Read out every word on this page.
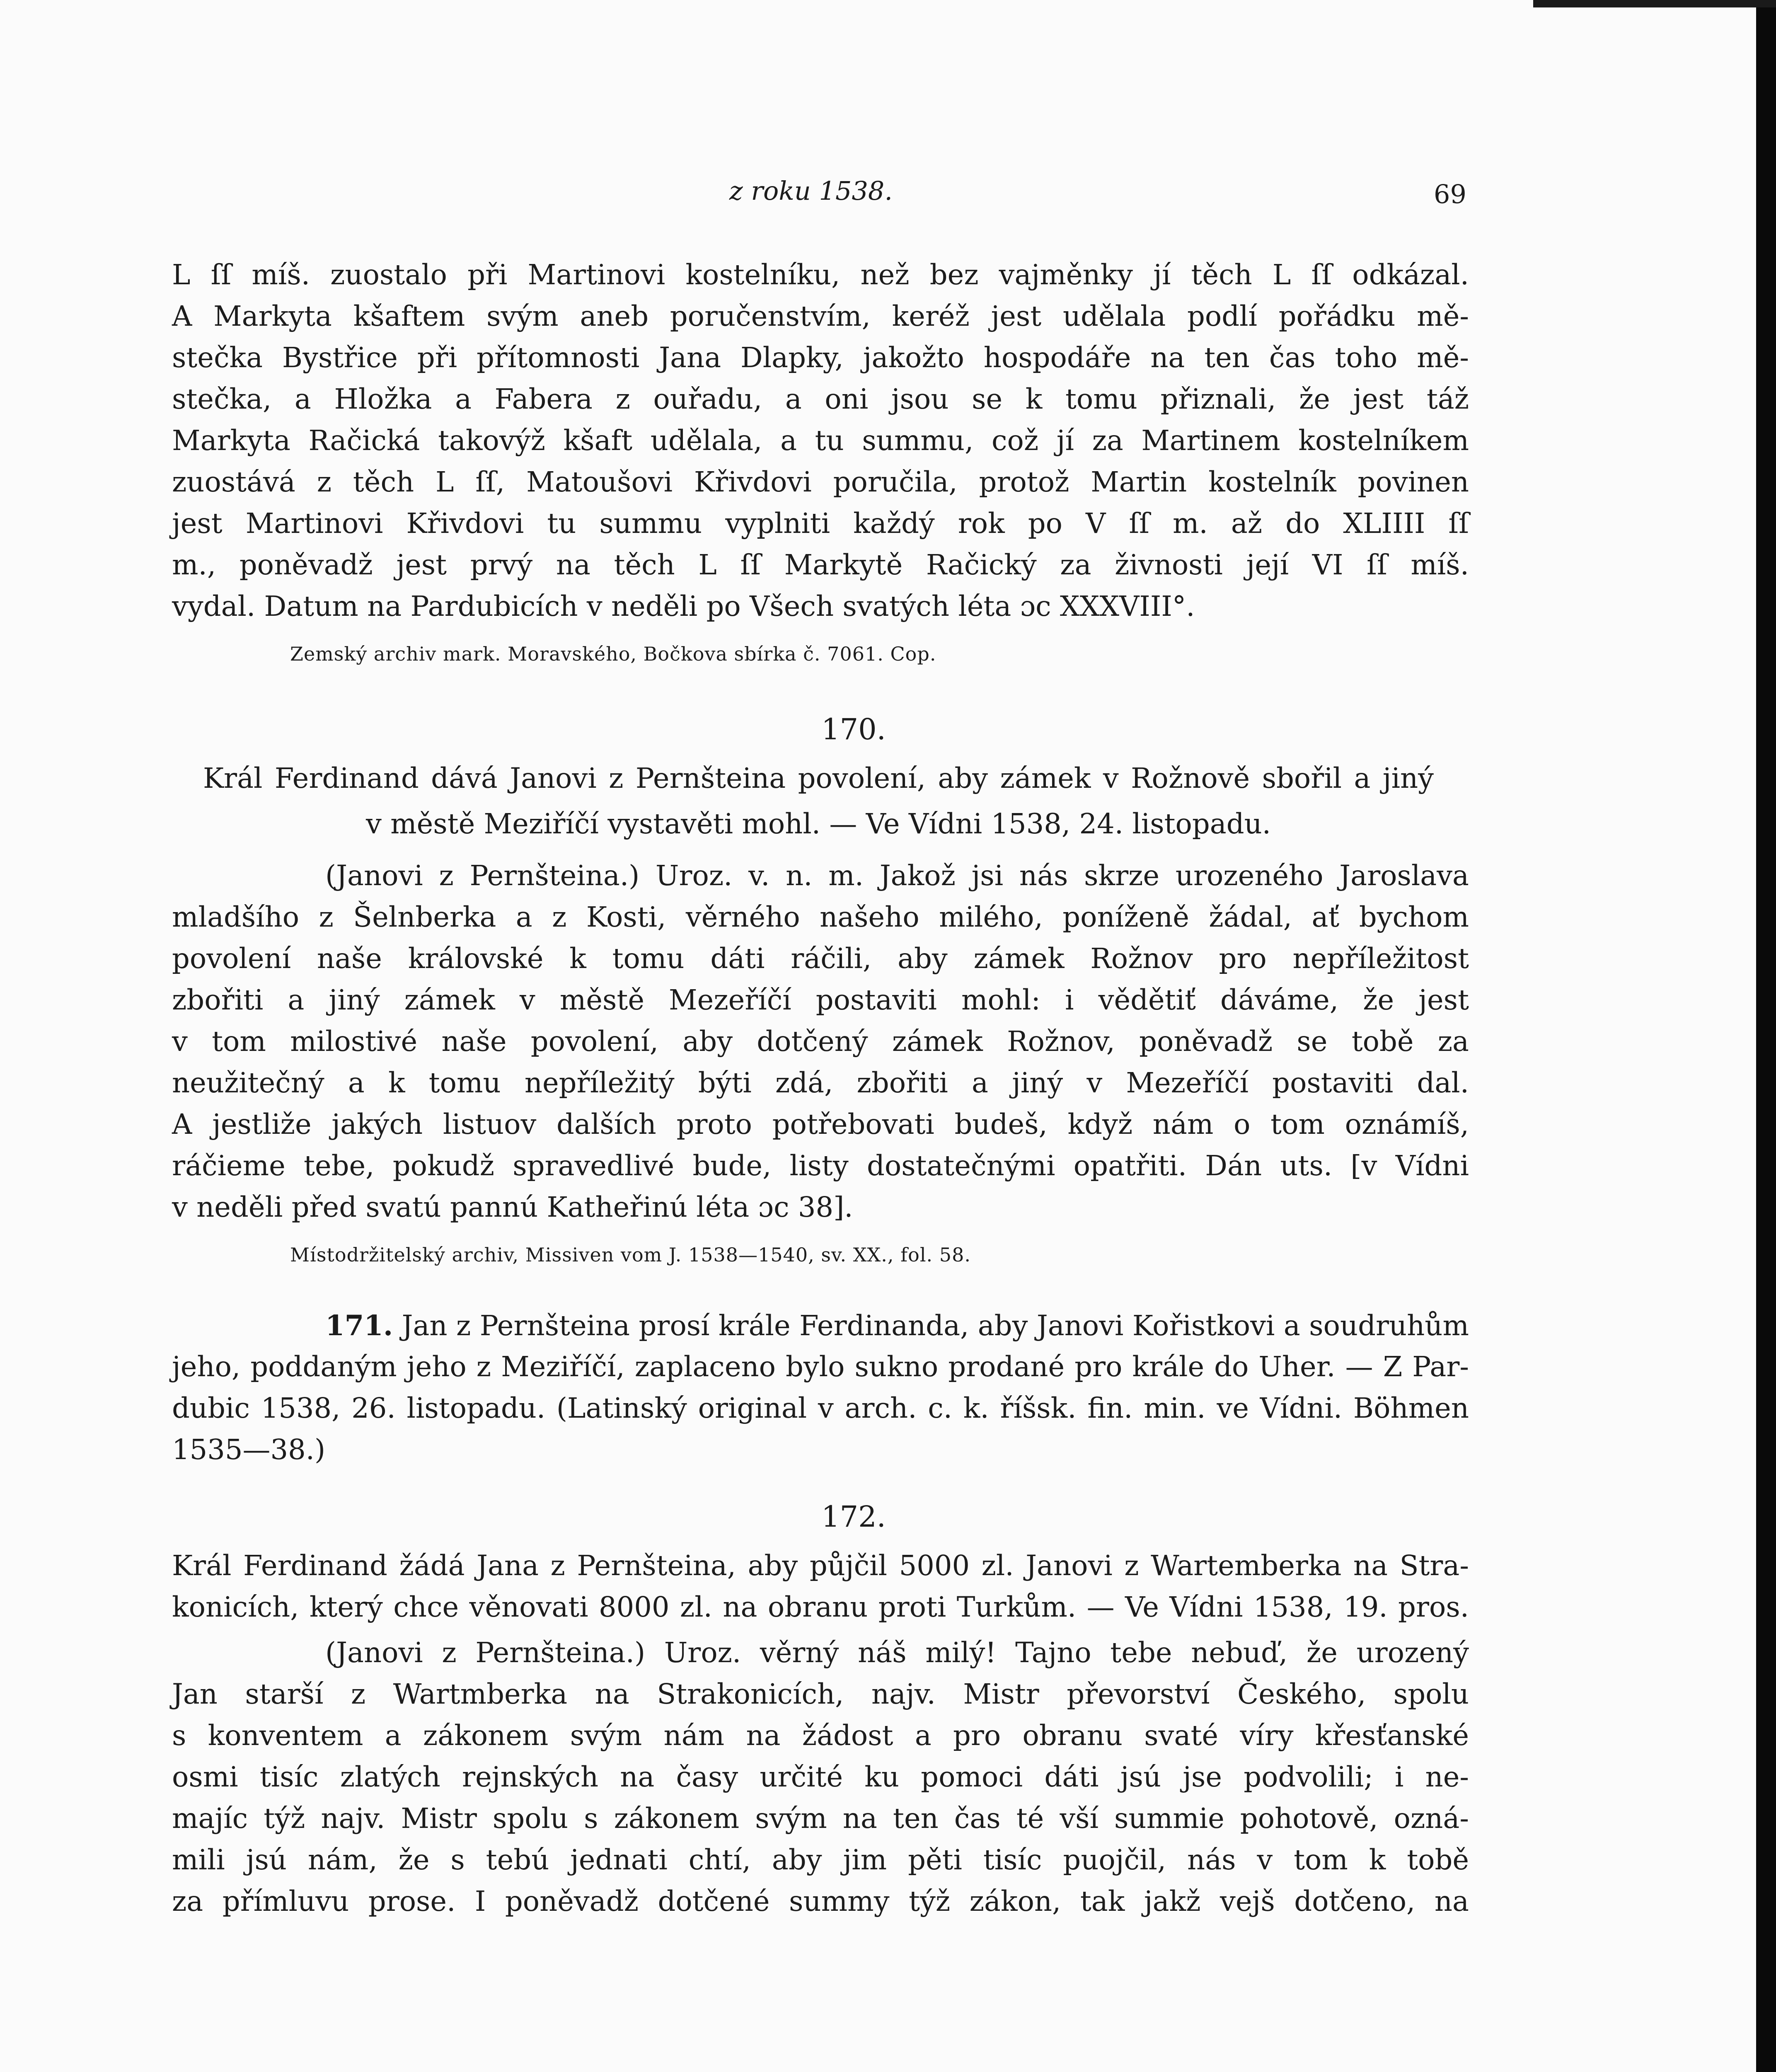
z roku 1538.	69
L ſſ míš. zuostalo při Martinovi kostelníku, než bez vajměnky jí těch L ſſ odkázal.
A Markyta kšaftem svým aneb poručenstvím, keréž jest udělala podlí pořádku mě-
stečka Bystřice při přítomnosti Jana Dlapky, jakožto hospodáře na ten čas toho mě-
stečka, a Hložka a Fabera z ouřadu, a oni jsou se k tomu přiznali, že jest táž
Markyta Račická takovýž kšaft udělala, a tu summu, což jí za Martinem kostelníkem
zuostává z těch L ſſ, Matoušovi Křivdovi poručila, protož Martin kostelník povinen
jest Martinovi Křivdovi tu summu vyplniti každý rok po V ſſ m. až do XLIIII ſſ
m., poněvadž jest prvý na těch L ſſ Markytě Račický za živnosti její VI ſſ míš.
vydal. Datum na Pardubicích v neděli po Všech svatých léta ɔc XXXVIII°.
Zemský archiv mark. Moravského, Bočkova sbírka č. 7061. Cop.
170.
Král Ferdinand dává Janovi z Pernšteina povolení, aby zámek v Rožnově sbořil a jiný
v městě Meziříčí vystavěti mohl. — Ve Vídni 1538, 24. listopadu.
(Janovi z Pernšteina.) Uroz. v. n. m. Jakož jsi nás skrze urozeného Jaroslava
mladšího z Šelnberka a z Kosti, věrného našeho milého, poníženě žádal, ať bychom
povolení naše královské k tomu dáti ráčili, aby zámek Rožnov pro nepříležitost
zbořiti a jiný zámek v městě Mezeříčí postaviti mohl: i vědětiť dáváme, že jest
v tom milostivé naše povolení, aby dotčený zámek Rožnov, poněvadž se tobě za
neužitečný a k tomu nepříležitý býti zdá, zbořiti a jiný v Mezeříčí postaviti dal.
A jestliže jakých listuov dalších proto potřebovati budeš, když nám o tom oznámíš,
ráčieme tebe, pokudž spravedlivé bude, listy dostatečnými opatřiti. Dán uts. [v Vídni
v neděli před svatú pannú Katheřinú léta ɔc 38].
Místodržitelský archiv, Missiven vom J. 1538—1540, sv. XX., fol. 58.
171. Jan z Pernšteina prosí krále Ferdinanda, aby Janovi Kořistkovi a soudruhům
jeho, poddaným jeho z Meziříčí, zaplaceno bylo sukno prodané pro krále do Uher. — Z Par-
dubic 1538, 26. listopadu. (Latinský original v arch. c. k. říšsk. fin. min. ve Vídni. Böhmen
1535—38.)
172.
Král Ferdinand žádá Jana z Pernšteina, aby půjčil 5000 zl. Janovi z Wartemberka na Stra-
konicích, který chce věnovati 8000 zl. na obranu proti Turkům. — Ve Vídni 1538, 19. pros.
(Janovi z Pernšteina.) Uroz. věrný náš milý! Tajno tebe nebuď, že urozený
Jan starší z Wartmberka na Strakonicích, najv. Mistr převorství Českého, spolu
s konventem a zákonem svým nám na žádost a pro obranu svaté víry křesťanské
osmi tisíc zlatých rejnských na časy určité ku pomoci dáti jsú jse podvolili; i ne-
majíc týž najv. Mistr spolu s zákonem svým na ten čas té vší summie pohotově, ozná-
mili jsú nám, že s tebú jednati chtí, aby jim pěti tisíc puojčil, nás v tom k tobě
za přímluvu prose. I poněvadž dotčené summy týž zákon, tak jakž vejš dotčeno, na
